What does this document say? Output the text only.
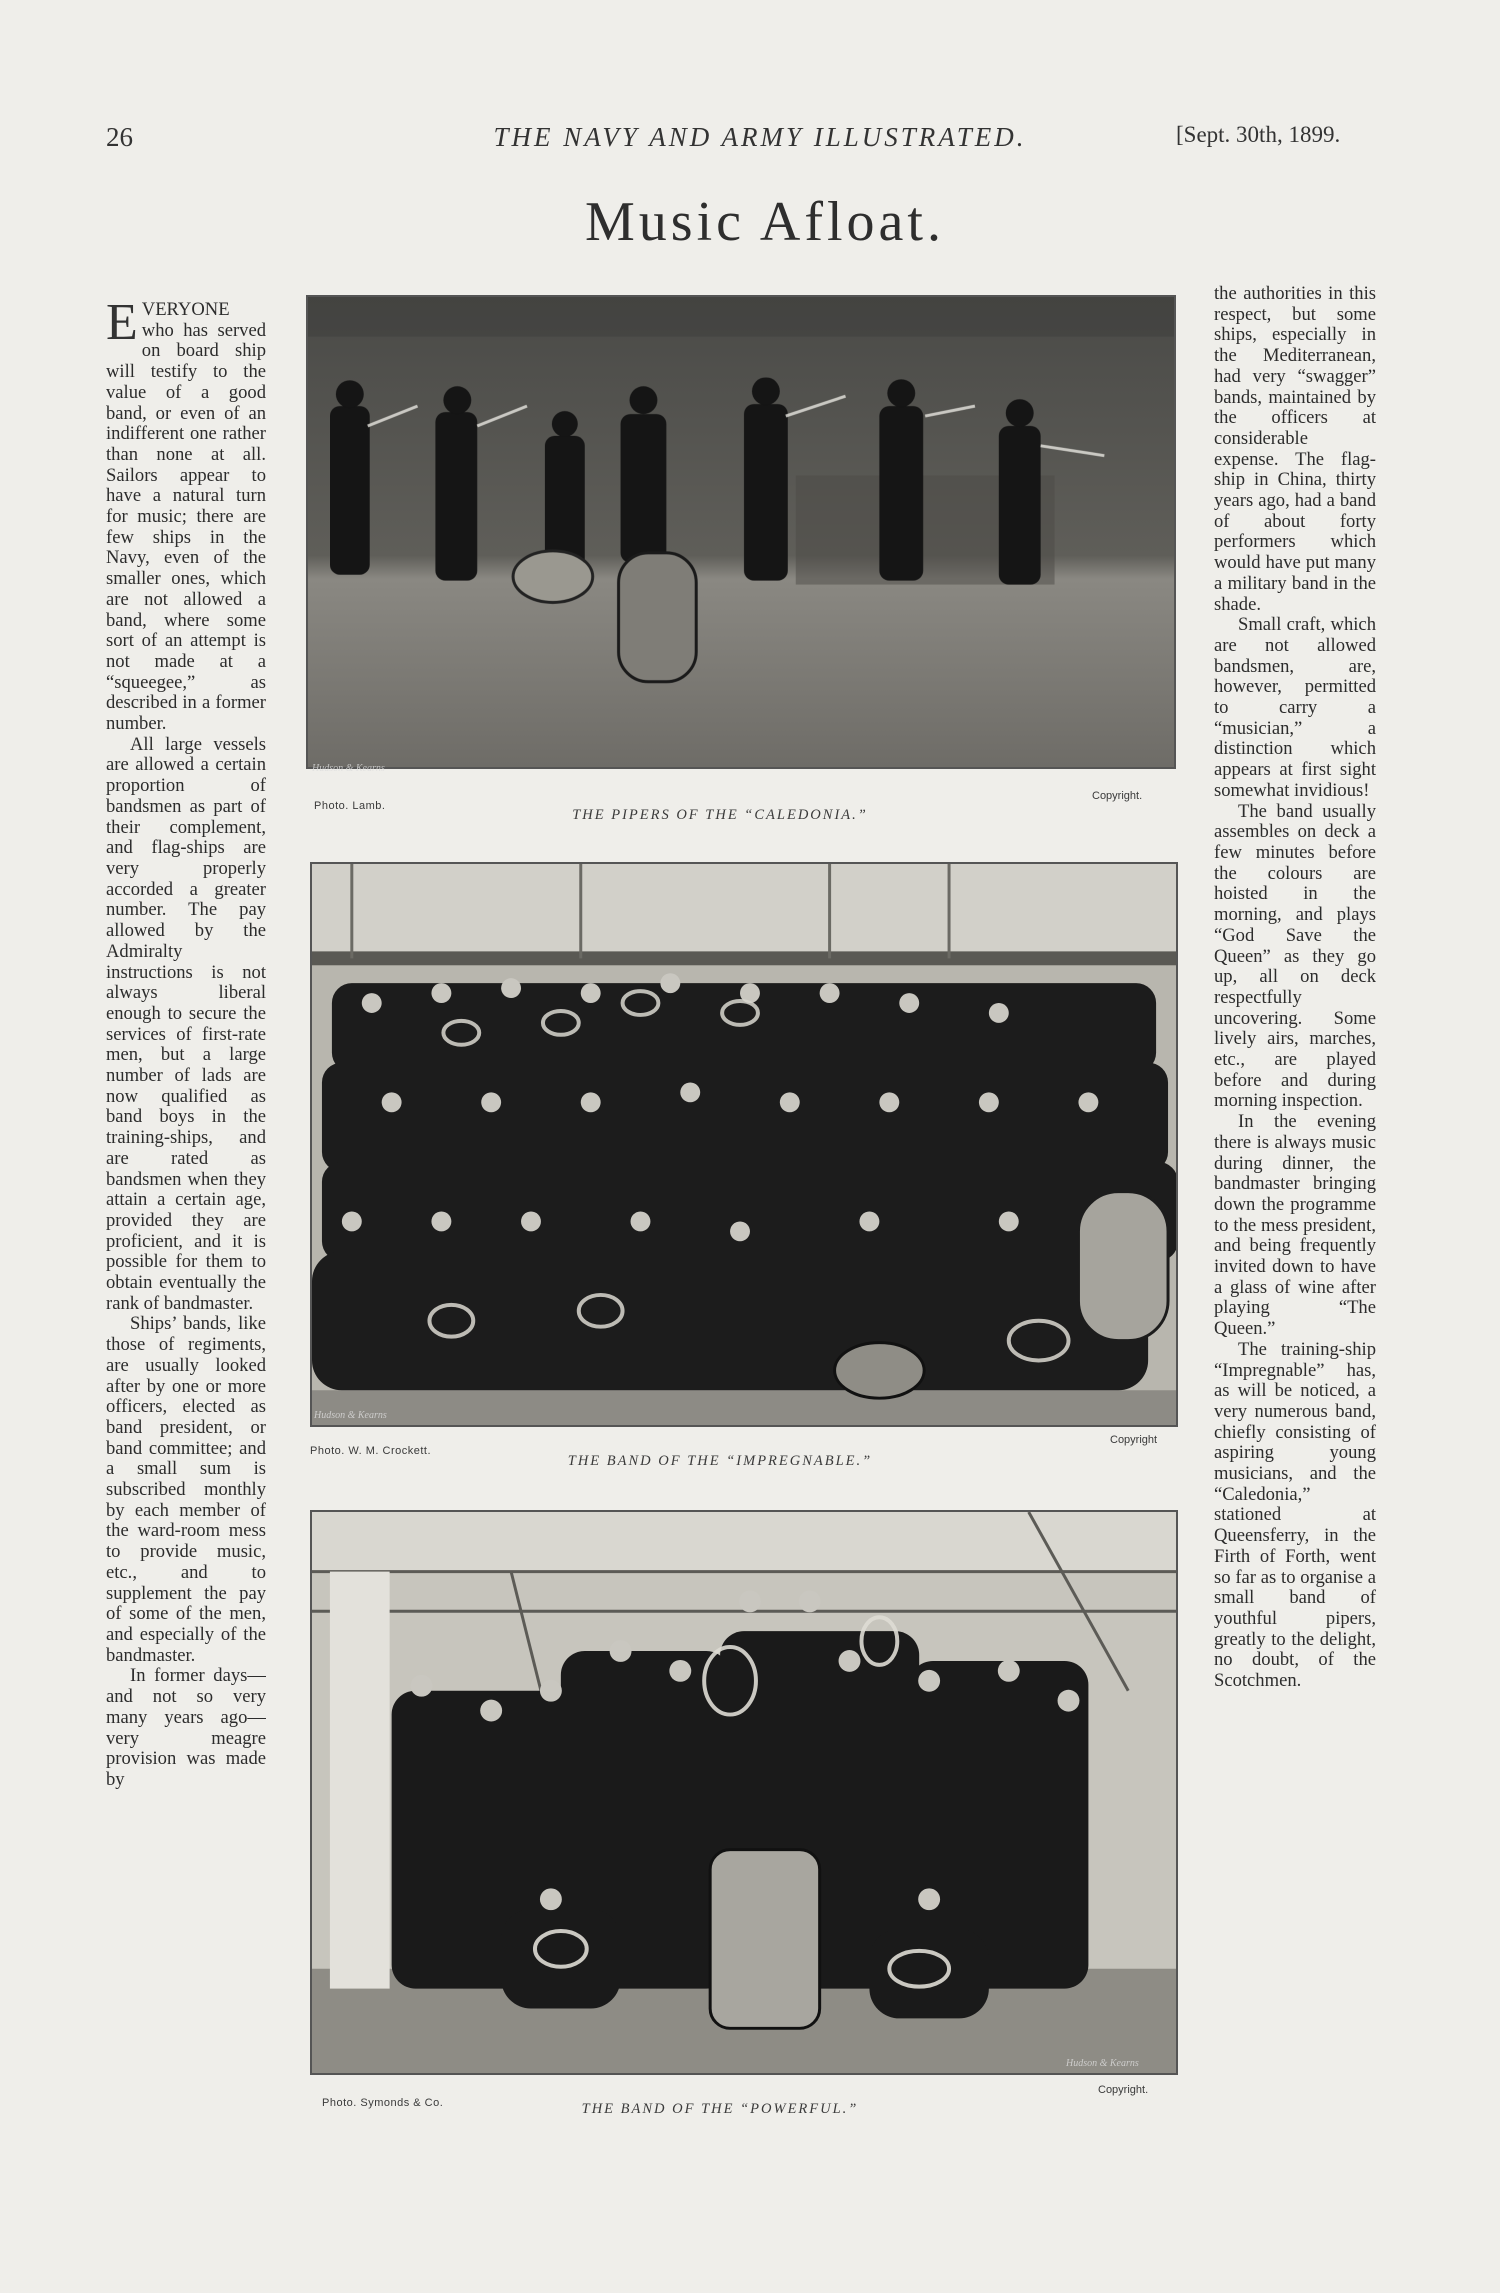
26	THE NAVY AND ARMY ILLUSTRATED.	[Sept. 30th, 1899.
Music Afloat.

EVERYONE who has served on board ship will testify to the value of a good band, or even of an indifferent one rather than none at all. Sailors appear to have a natural turn for music; there are few ships in the Navy, even of the smaller ones, which are not allowed a band, where some sort of an attempt is not made at a “squeegee,” as described in a former number.

All large vessels are allowed a certain proportion of bandsmen as part of their complement, and flag-ships are very properly accorded a greater number. The pay allowed by the Admiralty instructions is not always liberal enough to secure the services of first-rate men, but a large number of lads are now qualified as band boys in the training-ships, and are rated as bandsmen when they attain a certain age, provided they are proficient, and it is possible for them to obtain eventually the rank of bandmaster.

Ships’ bands, like those of regiments, are usually looked after by one or more officers, elected as band president, or band committee; and a small sum is subscribed monthly by each member of the ward-room mess to provide music, etc., and to supplement the pay of some of the men, and especially of the bandmaster.

In former days—and not so very many years ago—very meagre provision was made by

the authorities in this respect, but some ships, especially in the Mediterranean, had very “swagger” bands, maintained by the officers at considerable expense. The flag-ship in China, thirty years ago, had a band of about forty performers which would have put many a military band in the shade.

Small craft, which are not allowed bandsmen, are, however, permitted to carry a “musician,” a distinction which appears at first sight somewhat invidious!

The band usually assembles on deck a few minutes before the colours are hoisted in the morning, and plays “God Save the Queen” as they go up, all on deck respectfully uncovering. Some lively airs, marches, etc., are played before and during morning inspection.

In the evening there is always music during dinner, the bandmaster bringing down the programme to the mess president, and being frequently invited down to have a glass of wine after playing “The Queen.”

The training-ship “Impregnable” has, as will be noticed, a very numerous band, chiefly consisting of aspiring young musicians, and the “Caledonia,” stationed at Queensferry, in the Firth of Forth, went so far as to organise a small band of youthful pipers, greatly to the delight, no doubt, of the Scotchmen.

Photo. Lamb.
THE PIPERS OF THE “CALEDONIA.”
Copyright.
Photo. W. M. Crockett.
THE BAND OF THE “IMPREGNABLE.”
Copyright
Photo. Symonds & Co.	THE BAND OF THE “POWERFUL.”
Copyright.
Hudson & Kearns
Hudson & Kearns
Hudson & Kearns
